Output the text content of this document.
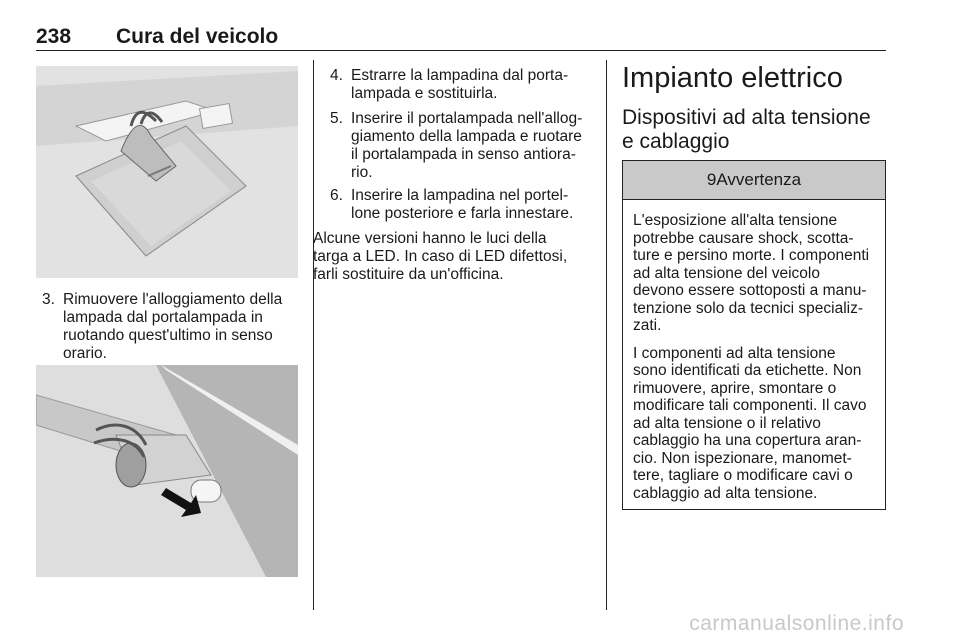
238 Cura del veicolo
3. Rimuovere l'alloggiamento della
lampada dal portalampada in
ruotando quest'ultimo in senso
orario.
4. Estrarre la lampadina dal porta-
lampada e sostituirla.
5. Inserire il portalampada nell'allog-
giamento della lampada e ruotare
il portalampada in senso antiora-
rio.
6. Inserire la lampadina nel portel-
lone posteriore e farla innestare.
Alcune versioni hanno le luci della
targa a LED. In caso di LED difettosi,
farli sostituire da un'officina.
Impianto elettrico
Dispositivi ad alta tensione
e cablaggio
9Avvertenza

L'esposizione all'alta tensione
potrebbe causare shock, scotta-
ture e persino morte. I componenti
ad alta tensione del veicolo
devono essere sottoposti a manu-
tenzione solo da tecnici specializ-
zati.

I componenti ad alta tensione
sono identificati da etichette. Non
rimuovere, aprire, smontare o
modificare tali componenti. Il cavo
ad alta tensione o il relativo
cablaggio ha una copertura aran-
cio. Non ispezionare, manomet-
tere, tagliare o modificare cavi o
cablaggio ad alta tensione.

carmanualsonline.info
